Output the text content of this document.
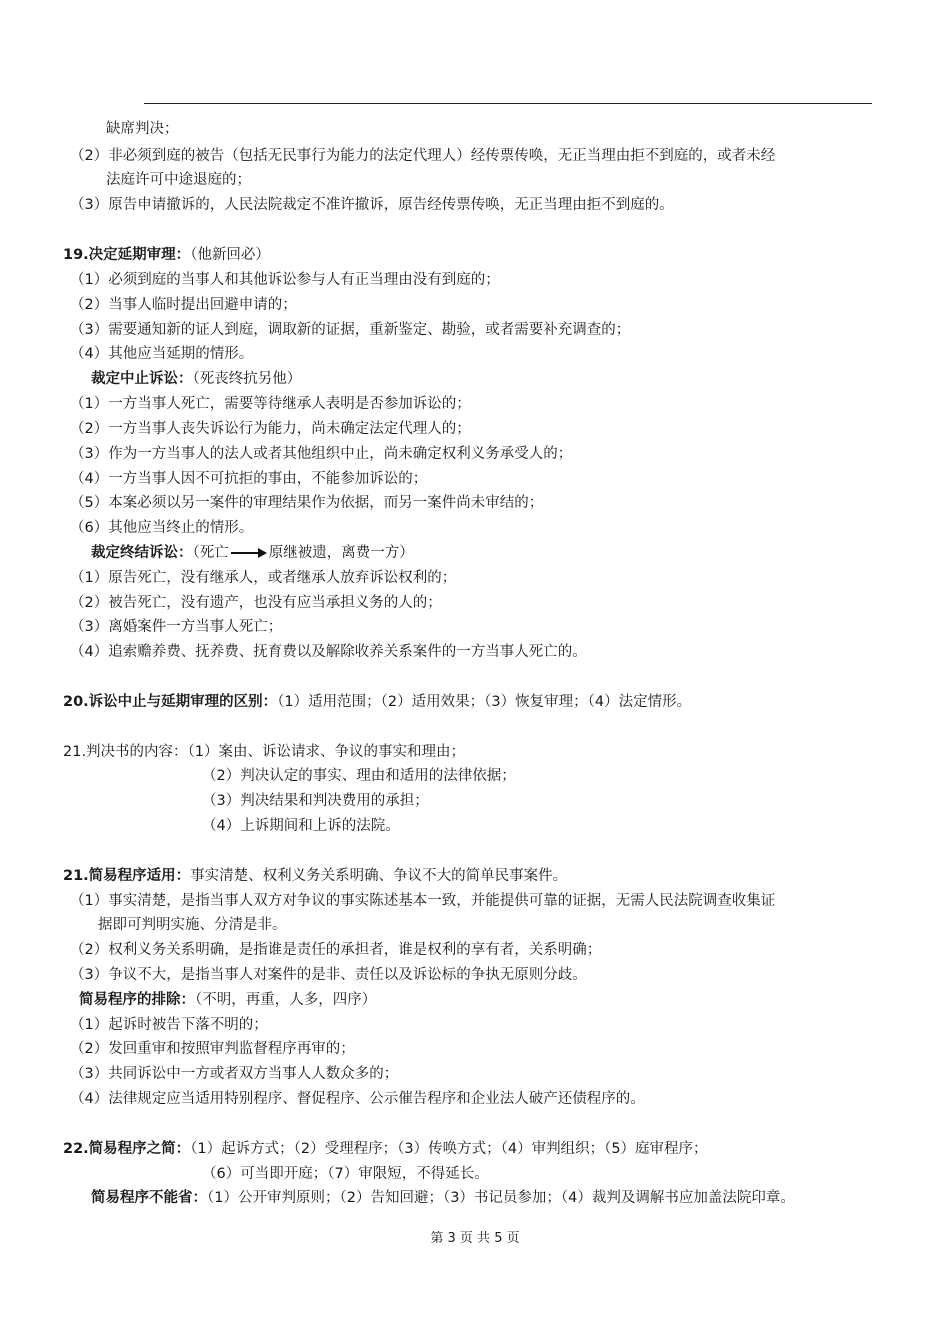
缺席判决；
（2）非必须到庭的被告（包括无民事行为能力的法定代理人）经传票传唤，无正当理由拒不到庭的，或者未经
法庭许可中途退庭的；
（3）原告申请撤诉的，人民法院裁定不准许撤诉，原告经传票传唤，无正当理由拒不到庭的。
19.决定延期审理：（他新回必）
（1）必须到庭的当事人和其他诉讼参与人有正当理由没有到庭的；
（2）当事人临时提出回避申请的；
（3）需要通知新的证人到庭，调取新的证据，重新鉴定、勘验，或者需要补充调查的；
（4）其他应当延期的情形。
裁定中止诉讼：（死丧终抗另他）
（1）一方当事人死亡，需要等待继承人表明是否参加诉讼的；
（2）一方当事人丧失诉讼行为能力，尚未确定法定代理人的；
（3）作为一方当事人的法人或者其他组织中止，尚未确定权利义务承受人的；
（4）一方当事人因不可抗拒的事由，不能参加诉讼的；
（5）本案必须以另一案件的审理结果作为依据，而另一案件尚未审结的；
（6）其他应当终止的情形。
裁定终结诉讼：（死亡	原继被遗，离费一方）
（1）原告死亡，没有继承人，或者继承人放弃诉讼权利的；
（2）被告死亡，没有遗产，也没有应当承担义务的人的；
（3）离婚案件一方当事人死亡；
（4）追索赡养费、抚养费、抚育费以及解除收养关系案件的一方当事人死亡的。
20.诉讼中止与延期审理的区别：（1）适用范围；（2）适用效果；（3）恢复审理；（4）法定情形。
21.判决书的内容：（1）案由、诉讼请求、争议的事实和理由；
（2）判决认定的事实、理由和适用的法律依据；
（3）判决结果和判决费用的承担；
（4）上诉期间和上诉的法院。
21.简易程序适用：事实清楚、权利义务关系明确、争议不大的简单民事案件。
（1）事实清楚，是指当事人双方对争议的事实陈述基本一致，并能提供可靠的证据，无需人民法院调查收集证
据即可判明实施、分清是非。
（2）权利义务关系明确，是指谁是责任的承担者，谁是权利的享有者，关系明确；
（3）争议不大，是指当事人对案件的是非、责任以及诉讼标的争执无原则分歧。
简易程序的排除：（不明，再重，人多，四序）
（1）起诉时被告下落不明的；
（2）发回重审和按照审判监督程序再审的；
（3）共同诉讼中一方或者双方当事人人数众多的；
（4）法律规定应当适用特别程序、督促程序、公示催告程序和企业法人破产还债程序的。
22.简易程序之简：（1）起诉方式；（2）受理程序；（3）传唤方式；（4）审判组织；（5）庭审程序；
（6）可当即开庭；（7）审限短，不得延长。
简易程序不能省：（1）公开审判原则；（2）告知回避；（3）书记员参加；（4）裁判及调解书应加盖法院印章。
第 3 页 共 5 页
